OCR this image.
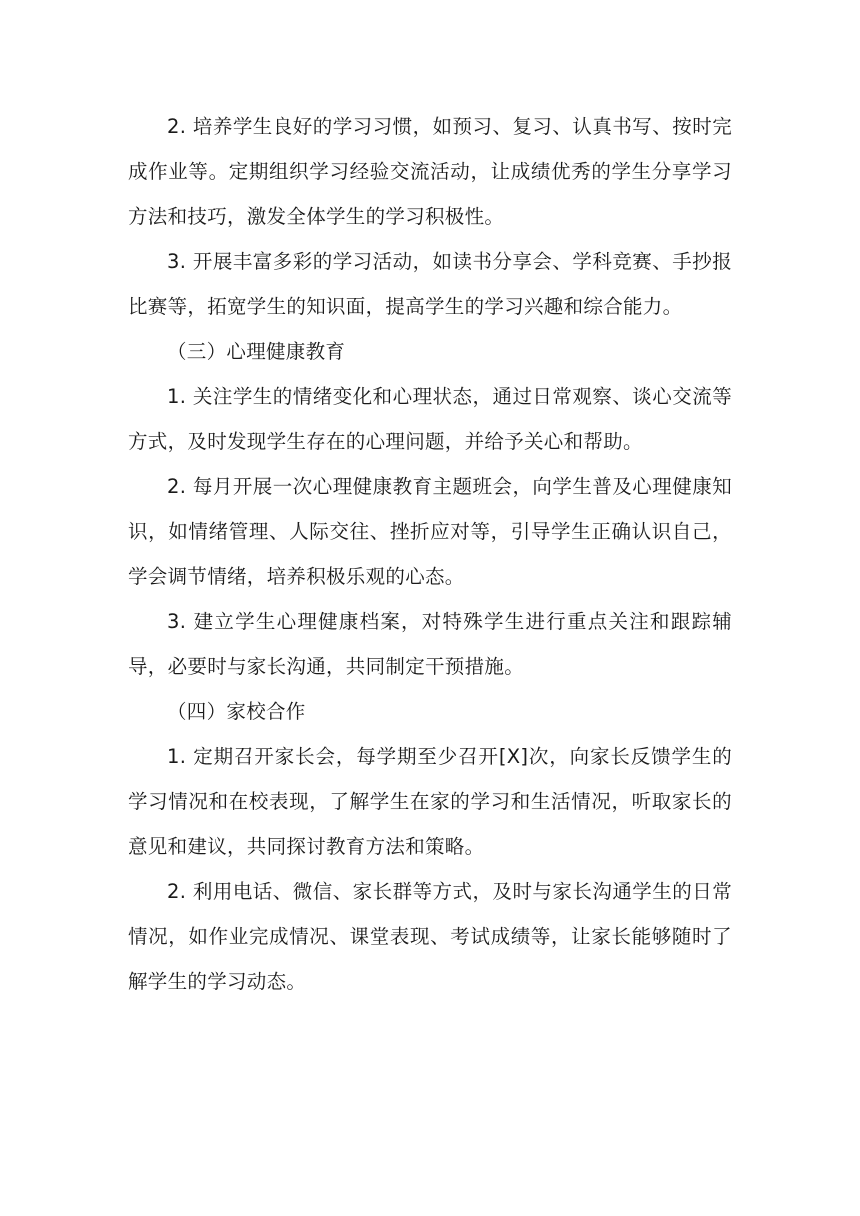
2. 培养学生良好的学习习惯，如预习、复习、认真书写、按时完成作业等。定期组织学习经验交流活动，让成绩优秀的学生分享学习方法和技巧，激发全体学生的学习积极性。

3. 开展丰富多彩的学习活动，如读书分享会、学科竞赛、手抄报比赛等，拓宽学生的知识面，提高学生的学习兴趣和综合能力。

（三）心理健康教育

1. 关注学生的情绪变化和心理状态，通过日常观察、谈心交流等方式，及时发现学生存在的心理问题，并给予关心和帮助。

2. 每月开展一次心理健康教育主题班会，向学生普及心理健康知识，如情绪管理、人际交往、挫折应对等，引导学生正确认识自己，学会调节情绪，培养积极乐观的心态。

3. 建立学生心理健康档案，对特殊学生进行重点关注和跟踪辅导，必要时与家长沟通，共同制定干预措施。

（四）家校合作

1. 定期召开家长会，每学期至少召开[X]次，向家长反馈学生的学习情况和在校表现，了解学生在家的学习和生活情况，听取家长的意见和建议，共同探讨教育方法和策略。

2. 利用电话、微信、家长群等方式，及时与家长沟通学生的日常情况，如作业完成情况、课堂表现、考试成绩等，让家长能够随时了解学生的学习动态。
